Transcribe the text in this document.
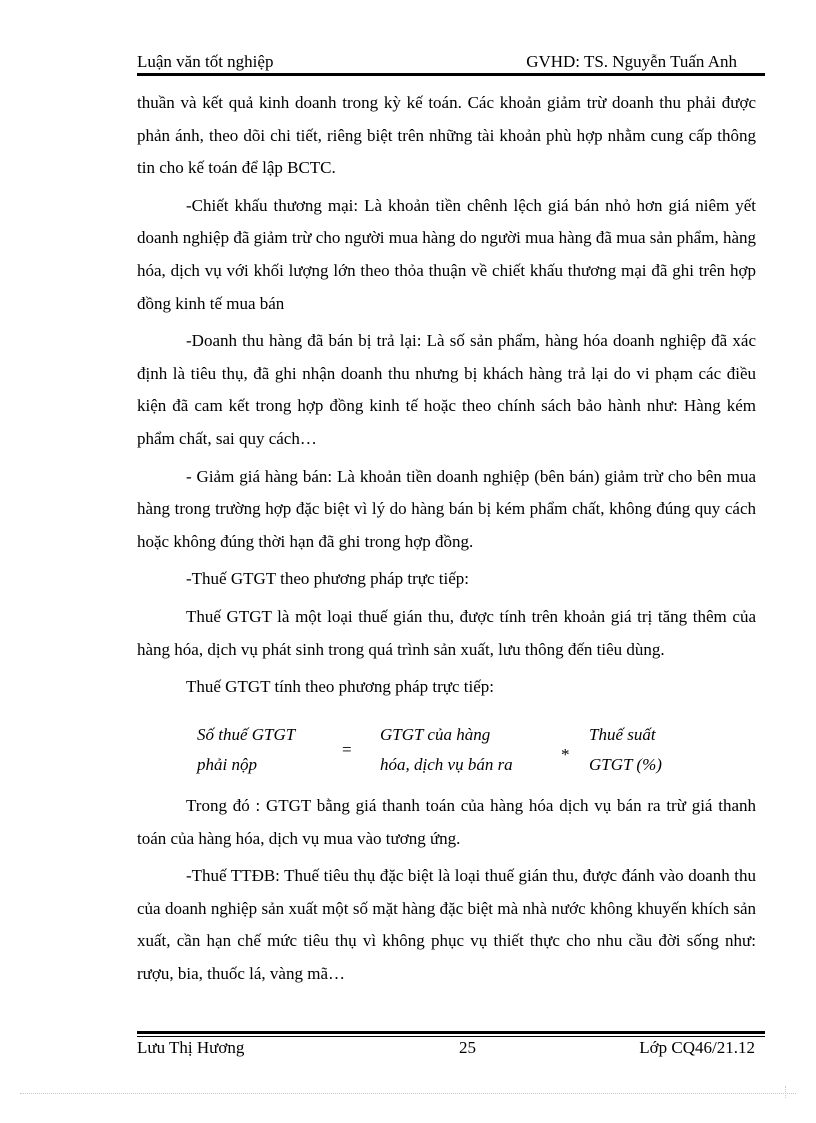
Luận văn tốt nghiệp	GVHD: TS. Nguyễn Tuấn Anh

thuần và kết quả kinh doanh trong kỳ kế toán. Các khoản giảm trừ doanh thu phải được phản ánh, theo dõi chi tiết, riêng biệt trên những tài khoản phù hợp nhằm cung cấp thông tin cho kế toán để lập BCTC.

-Chiết khấu thương mại: Là khoản tiền chênh lệch giá bán nhỏ hơn giá niêm yết doanh nghiệp đã giảm trừ cho người mua hàng do người mua hàng đã mua sản phẩm, hàng hóa, dịch vụ với khối lượng lớn theo thỏa thuận về chiết khấu thương mại đã ghi trên hợp đồng kinh tế mua bán

-Doanh thu hàng đã bán bị trả lại: Là số sản phẩm, hàng hóa doanh nghiệp đã xác định là tiêu thụ, đã ghi nhận doanh thu nhưng bị khách hàng trả lại do vi phạm các điều kiện đã cam kết trong hợp đồng kinh tế hoặc theo chính sách bảo hành như: Hàng kém phẩm chất, sai quy cách…

- Giảm giá hàng bán: Là khoản tiền doanh nghiệp (bên bán) giảm trừ cho bên mua hàng trong trường hợp đặc biệt vì lý do hàng bán bị kém phẩm chất, không đúng quy cách hoặc không đúng thời hạn đã ghi trong hợp đồng.

-Thuế GTGT theo phương pháp trực tiếp:

Thuế GTGT là một loại thuế gián thu, được tính trên khoản giá trị tăng thêm của hàng hóa, dịch vụ phát sinh trong quá trình sản xuất, lưu thông đến tiêu dùng.

Thuế GTGT tính theo phương pháp trực tiếp:

Số thuế GTGT
phải nộp
=
GTGT của hàng
hóa, dịch vụ bán ra
*
Thuế suất
GTGT (%)

Trong đó : GTGT bằng giá thanh toán của hàng hóa dịch vụ bán ra trừ giá thanh toán của hàng hóa, dịch vụ mua vào tương ứng.

-Thuế TTĐB: Thuế tiêu thụ đặc biệt là loại thuế gián thu, được đánh vào doanh thu của doanh nghiệp sản xuất một số mặt hàng đặc biệt mà nhà nước không khuyến khích sản xuất, cần hạn chế mức tiêu thụ vì không phục vụ thiết thực cho nhu cầu đời sống như: rượu, bia, thuốc lá, vàng mã…

Lưu Thị Hương	25	Lớp CQ46/21.12
